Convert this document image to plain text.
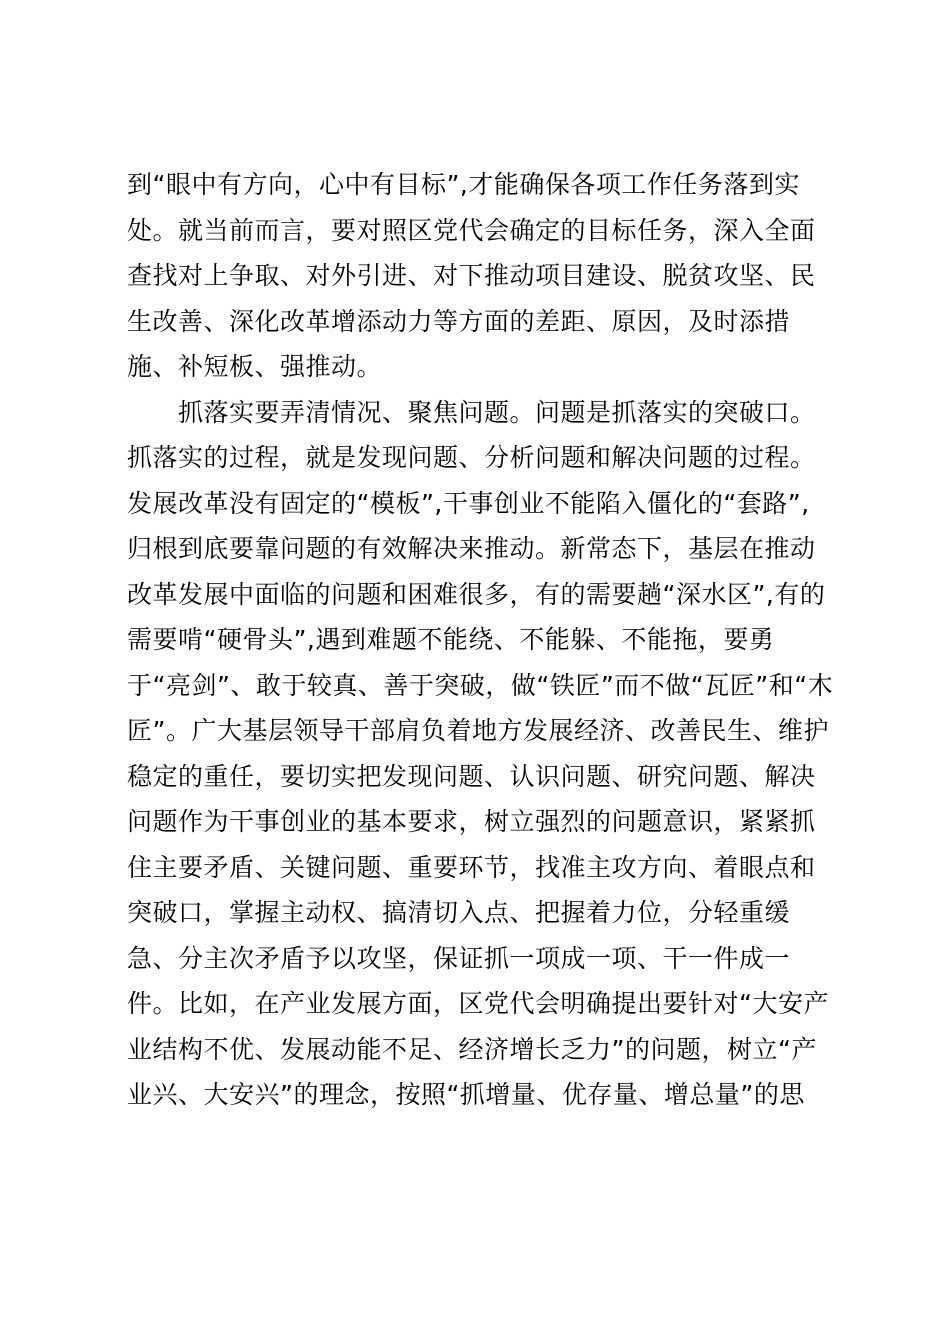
到“眼中有方向，心中有目标”,才能确保各项工作任务落到实
处。就当前而言，要对照区党代会确定的目标任务，深入全面
查找对上争取、对外引进、对下推动项目建设、脱贫攻坚、民
生改善、深化改革增添动力等方面的差距、原因，及时添措
施、补短板、强推动。
　　抓落实要弄清情况、聚焦问题。问题是抓落实的突破口。
抓落实的过程，就是发现问题、分析问题和解决问题的过程。
发展改革没有固定的“模板”,干事创业不能陷入僵化的“套路”,
归根到底要靠问题的有效解决来推动。新常态下，基层在推动
改革发展中面临的问题和困难很多，有的需要趟“深水区”,有的
需要啃“硬骨头”,遇到难题不能绕、不能躲、不能拖，要勇
于“亮剑”、敢于较真、善于突破，做“铁匠”而不做“瓦匠”和“木
匠”。广大基层领导干部肩负着地方发展经济、改善民生、维护
稳定的重任，要切实把发现问题、认识问题、研究问题、解决
问题作为干事创业的基本要求，树立强烈的问题意识，紧紧抓
住主要矛盾、关键问题、重要环节，找准主攻方向、着眼点和
突破口，掌握主动权、搞清切入点、把握着力位，分轻重缓
急、分主次矛盾予以攻坚，保证抓一项成一项、干一件成一
件。比如，在产业发展方面，区党代会明确提出要针对“大安产
业结构不优、发展动能不足、经济增长乏力”的问题，树立“产
业兴、大安兴”的理念，按照“抓增量、优存量、增总量”的思
